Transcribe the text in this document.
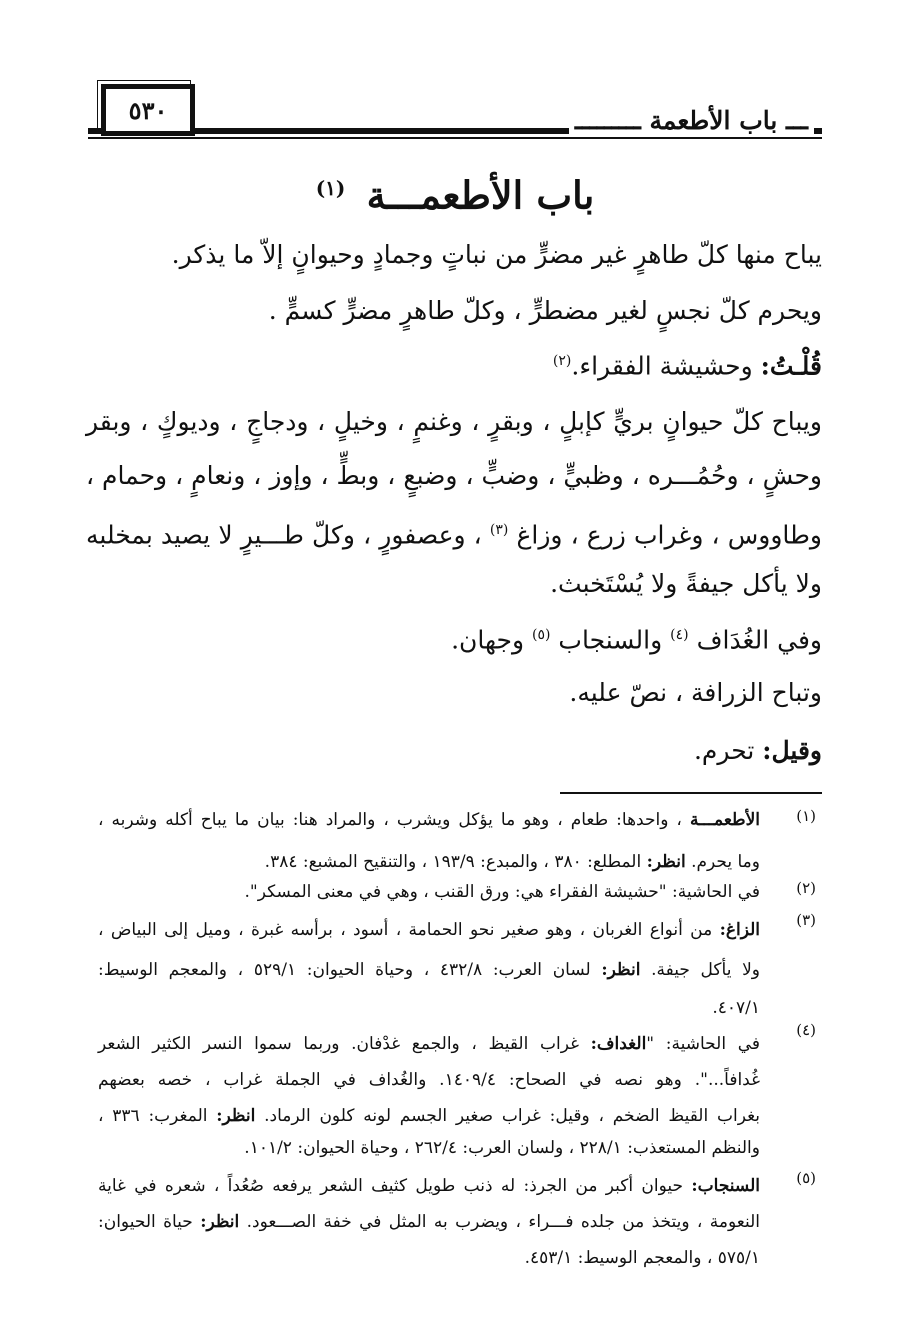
ـــ باب الأطعمة ـــــــــ
٥٣٠
باب الأطعمـــة $^{(١)}$
يباح منها كلّ طاهرٍ غير مضرٍّ من نباتٍ وجمادٍ وحيوانٍ إلاّ ما يذكر.
ويحرم كلّ نجسٍ لغير مضطرٍّ ، وكلّ طاهرٍ مضرٍّ كسمٍّ .
قُلْـتُ: وحشيشة الفقراء.$^{(٢)}$
ويباح كلّ حيوانٍ بريٍّ كإبلٍ ، وبقرٍ ، وغنمٍ ، وخيلٍ ، ودجاجٍ ، وديوكٍ ، وبقر
وحشٍ ، وحُمُـــره ، وظبيٍّ ، وضبٍّ ، وضبعٍ ، وبطٍّ ، وإوز ، ونعامٍ ، وحمام ،
وطاووس ، وغراب زرع ، وزاغ $^{(٣)}$ ، وعصفورٍ ، وكلّ طـــيرٍ لا يصيد بمخلبه
ولا يأكل جيفةً ولا يُسْتَخبث.
وفي الغُدَاف $^{(٤)}$ والسنجاب $^{(٥)}$ وجهان.
وتباح الزرافة ، نصّ عليه.
وقيل: تحرم.
(١)
الأطعمـــة ، واحدها: طعام ، وهو ما يؤكل ويشرب ، والمراد هنا: بيان ما يباح أكله وشربه ،
وما يحرم. انظر: المطلع: ٣٨٠ ، والمبدع: ١٩٣/٩ ، والتنقيح المشبع: ٣٨٤.
(٢)
في الحاشية: "حشيشة الفقراء هي: ورق القنب ، وهي في معنى المسكر".
(٣)
الزاغ: من أنواع الغربان ، وهو صغير نحو الحمامة ، أسود ، برأسه غبرة ، وميل إلى البياض ،
ولا يأكل جيفة. انظر: لسان العرب: ٤٣٢/٨ ، وحياة الحيوان: ٥٢٩/١ ، والمعجم الوسيط:
٤٠٧/١.
(٤)
في الحاشية: "الغداف: غراب القيظ ، والجمع غدْفان. وربما سموا النسر الكثير الشعر
غُدافاً...". وهو نصه في الصحاح: ١٤٠٩/٤. والغُداف في الجملة غراب ، خصه بعضهم
بغراب القيظ الضخم ، وقيل: غراب صغير الجسم لونه كلون الرماد. انظر: المغرب: ٣٣٦ ،
والنظم المستعذب: ٢٢٨/١ ، ولسان العرب: ٢٦٢/٤ ، وحياة الحيوان: ١٠١/٢.
(٥)
السنجاب: حيوان أكبر من الجرذ: له ذنب طويل كثيف الشعر يرفعه صُعُداً ، شعره في غاية
النعومة ، ويتخذ من جلده فـــراء ، ويضرب به المثل في خفة الصـــعود. انظر: حياة الحيوان:
٥٧٥/١ ، والمعجم الوسيط: ٤٥٣/١.
